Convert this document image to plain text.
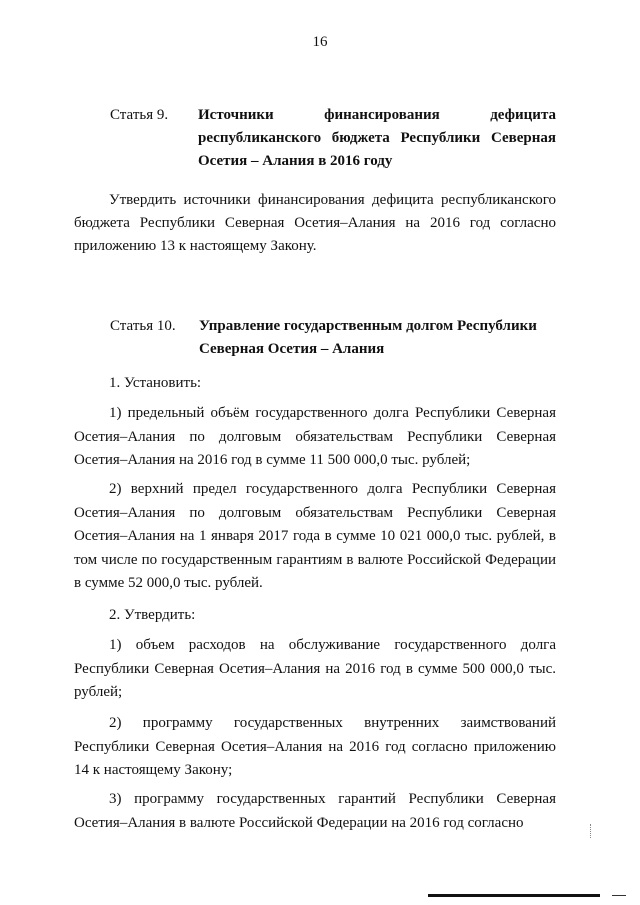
16
Статья 9.	Источники финансирования дефицита республиканского бюджета Республики Северная Осетия – Алания в 2016 году

Утвердить источники финансирования дефицита республиканского бюджета Республики Северная Осетия–Алания на 2016 год согласно приложению 13 к настоящему Закону.

Статья 10.	Управление государственным долгом Республики Северная Осетия – Алания

1. Установить:

1) предельный объём государственного долга Республики Северная Осетия–Алания по долговым обязательствам Республики Северная Осетия–Алания на 2016 год в сумме 11 500 000,0 тыс. рублей;

2) верхний предел государственного долга Республики Северная Осетия–Алания по долговым обязательствам Республики Северная Осетия–Алания на 1 января 2017 года в сумме 10 021 000,0 тыс. рублей, в том числе по государственным гарантиям в валюте Российской Федерации в сумме 52 000,0 тыс. рублей.

2. Утвердить:

1) объем расходов на обслуживание государственного долга Республики Северная Осетия–Алания на 2016 год в сумме 500 000,0 тыс. рублей;

2) программу государственных внутренних заимствований Республики Северная Осетия–Алания на 2016 год согласно приложению 14 к настоящему Закону;

3) программу государственных гарантий Республики Северная Осетия–Алания в валюте Российской Федерации на 2016 год согласно
